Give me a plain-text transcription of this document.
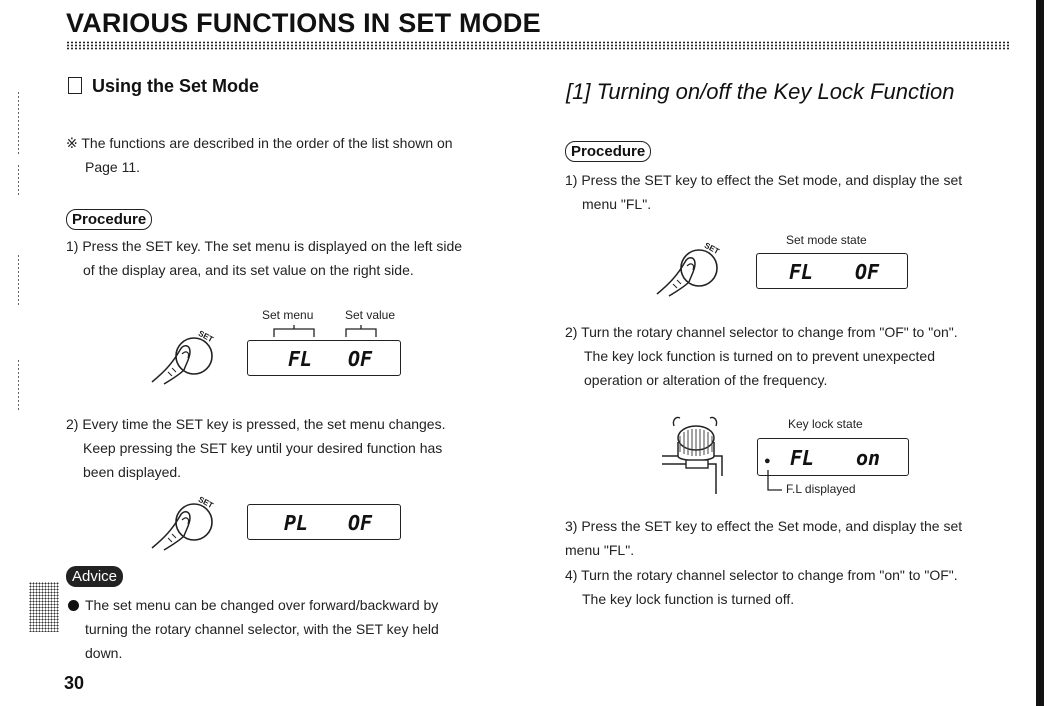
VARIOUS FUNCTIONS IN SET MODE
Using the Set Mode
※ The functions are described in the order of the list shown on
Page 11.
Procedure
1) Press the SET key. The set menu is displayed on the left side
of the display area, and its set value on the right side.
Set menu	Set value
SET
FL OF
2) Every time the SET key is pressed, the set menu changes.
Keep pressing the SET key until your desired function has
been displayed.
SET
PL OF
Advice
The set menu can be changed over forward/backward by
turning the rotary channel selector, with the SET key held
down.
30
[1] Turning on/off the Key Lock Function
Procedure
1) Press the SET key to effect the Set mode, and display the set
menu "FL".
Set mode state
SET
FL OF
2) Turn the rotary channel selector to change from "OF" to "on".
The key lock function is turned on to prevent unexpected
operation or alteration of the frequency.
Key lock state
● FL on
F.L displayed
3) Press the SET key to effect the Set mode, and display the set
menu "FL".
4) Turn the rotary channel selector to change from "on" to "OF".
The key lock function is turned off.
